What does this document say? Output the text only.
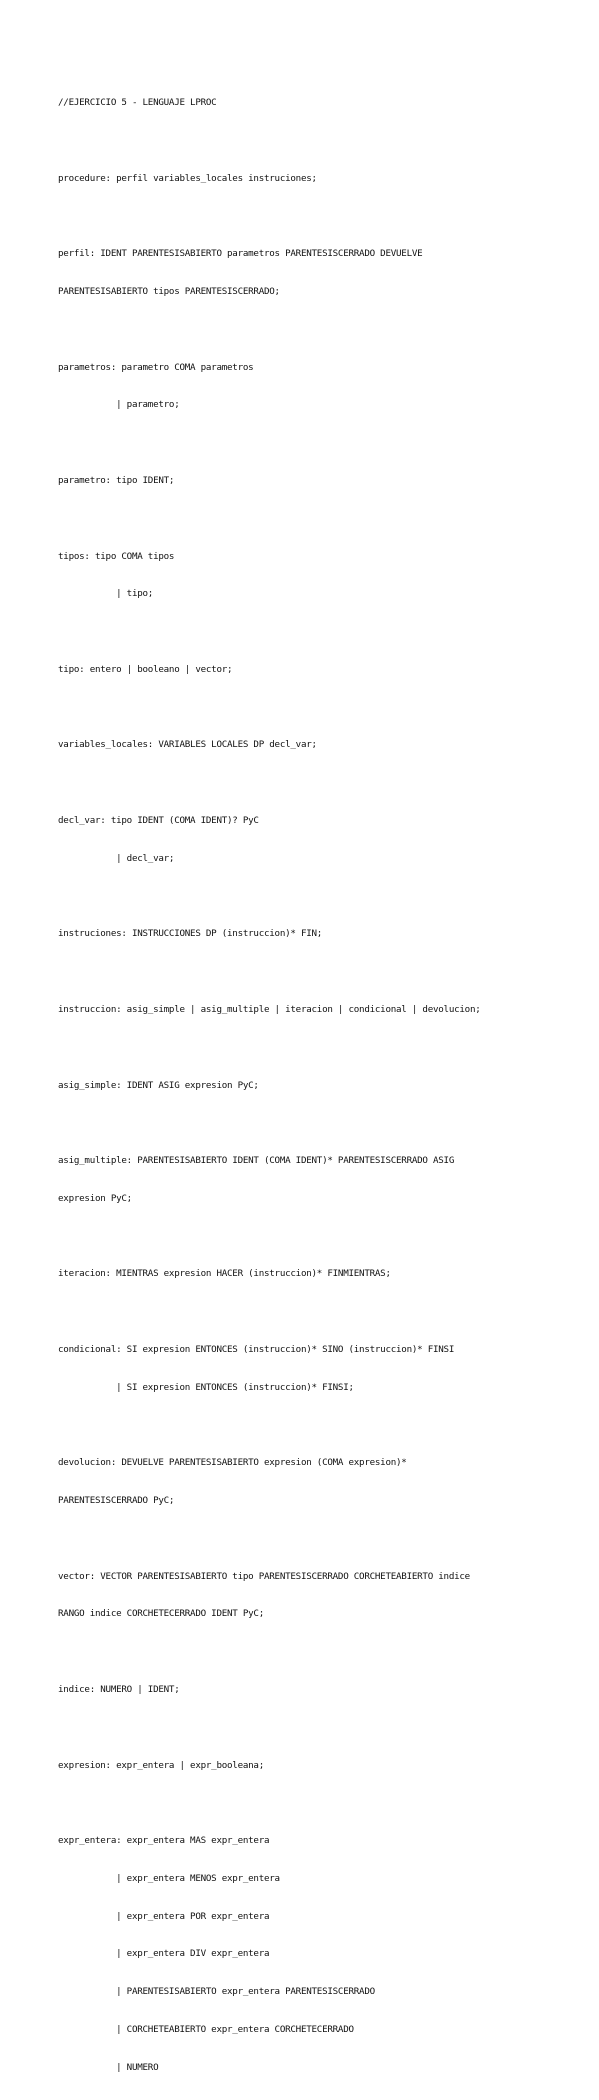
//EJERCICIO 5 - LENGUAJE LPROC

procedure: perfil variables_locales instruciones;

perfil: IDENT PARENTESISABIERTO parametros PARENTESISCERRADO DEVUELVE

PARENTESISABIERTO tipos PARENTESISCERRADO;

parametros: parametro COMA parametros

| parametro;

parametro: tipo IDENT;

tipos: tipo COMA tipos

| tipo;

tipo: entero | booleano | vector;

variables_locales: VARIABLES LOCALES DP decl_var;

decl_var: tipo IDENT (COMA IDENT)? PyC

| decl_var;

instruciones: INSTRUCCIONES DP (instruccion)* FIN;

instruccion: asig_simple | asig_multiple | iteracion | condicional | devolucion;

asig_simple: IDENT ASIG expresion PyC;

asig_multiple: PARENTESISABIERTO IDENT (COMA IDENT)* PARENTESISCERRADO ASIG

expresion PyC;

iteracion: MIENTRAS expresion HACER (instruccion)* FINMIENTRAS;

condicional: SI expresion ENTONCES (instruccion)* SINO (instruccion)* FINSI

| SI expresion ENTONCES (instruccion)* FINSI;

devolucion: DEVUELVE PARENTESISABIERTO expresion (COMA expresion)*

PARENTESISCERRADO PyC;

vector: VECTOR PARENTESISABIERTO tipo PARENTESISCERRADO CORCHETEABIERTO indice

RANGO indice CORCHETECERRADO IDENT PyC;

indice: NUMERO | IDENT;

expresion: expr_entera | expr_booleana;

expr_entera: expr_entera MAS expr_entera

| expr_entera MENOS expr_entera

| expr_entera POR expr_entera

| expr_entera DIV expr_entera

| PARENTESISABIERTO expr_entera PARENTESISCERRADO

| CORCHETEABIERTO expr_entera CORCHETECERRADO

| NUMERO
